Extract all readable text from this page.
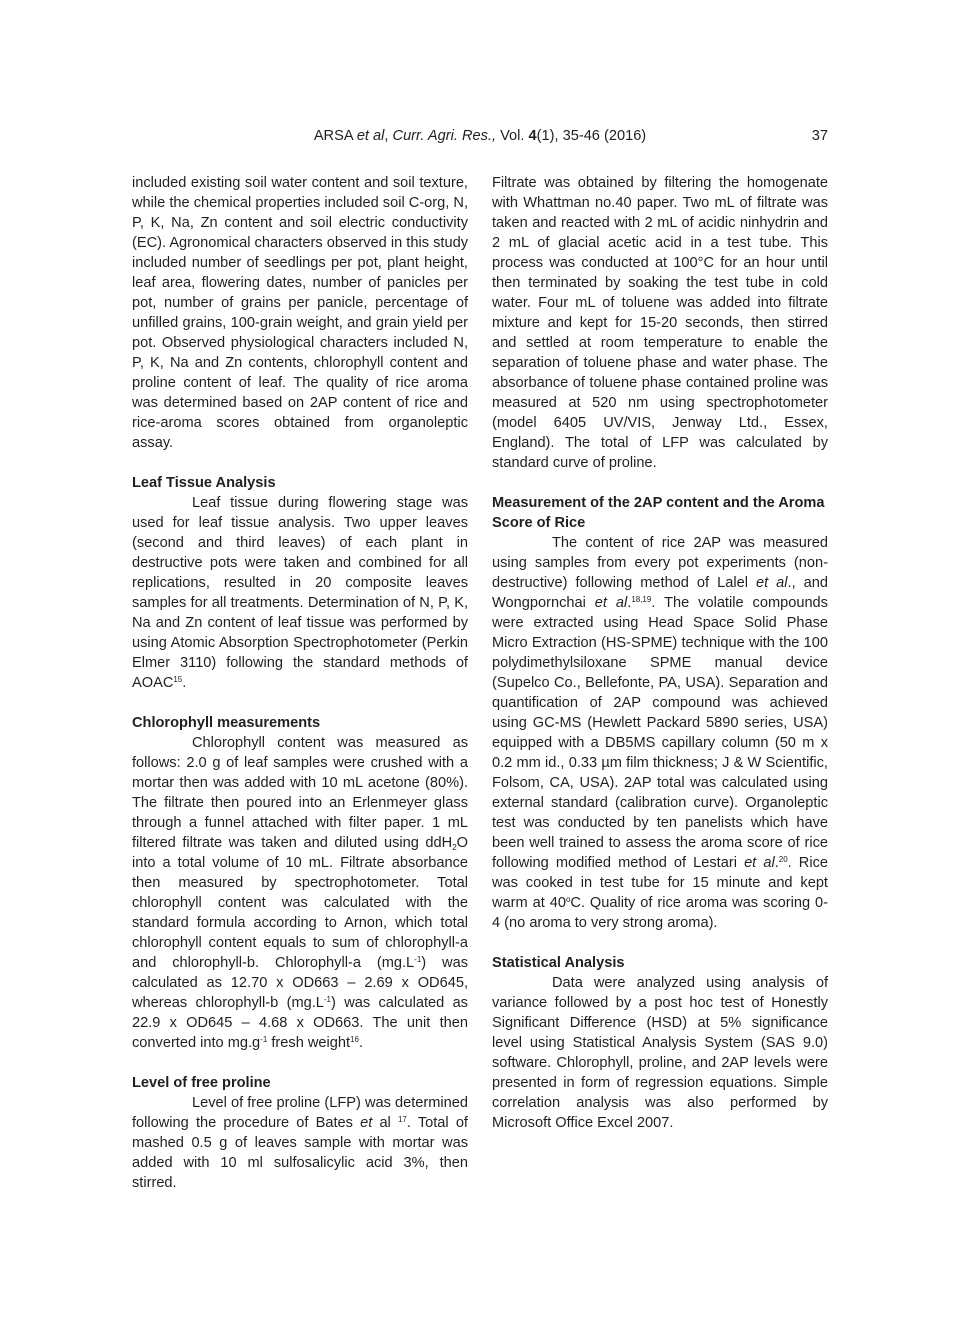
ARSA et al, Curr. Agri. Res., Vol. 4(1), 35-46 (2016)	37

included existing soil water content and soil texture, while the chemical properties included soil C-org, N, P, K, Na, Zn content and soil electric conductivity (EC). Agronomical characters observed in this study included number of seedlings per pot, plant height, leaf area, flowering dates, number of panicles per pot, number of grains per panicle, percentage of unfilled grains, 100-grain weight, and grain yield per pot. Observed physiological characters included N, P, K, Na and Zn contents, chlorophyll content and proline content of leaf. The quality of rice aroma was determined based on 2AP content of rice and rice-aroma scores obtained from organoleptic assay.

Leaf Tissue Analysis

Leaf tissue during flowering stage was used for leaf tissue analysis. Two upper leaves (second and third leaves) of each plant in destructive pots were taken and combined for all replications, resulted in 20 composite leaves samples for all treatments. Determination of N, P, K, Na and Zn content of leaf tissue was performed by using Atomic Absorption Spectrophotometer (Perkin Elmer 3110) following the standard methods of AOAC$^{15}$.

Chlorophyll measurements

Chlorophyll content was measured as follows: 2.0 g of leaf samples were crushed with a mortar then was added with 10 mL acetone (80%). The filtrate then poured into an Erlenmeyer glass through a funnel attached with filter paper. 1 mL filtered filtrate was taken and diluted using ddH$_2$O into a total volume of 10 mL. Filtrate absorbance then measured by spectrophotometer. Total chlorophyll content was calculated with the standard formula according to Arnon, which total chlorophyll content equals to sum of chlorophyll-a and chlorophyll-b. Chlorophyll-a $(mg.L^{-1})$ was calculated as 12.70 x OD663 – 2.69 x OD645, whereas chlorophyll-b $(mg.L^{-1})$ was calculated as 22.9 x OD645 – 4.68 x OD663. The unit then converted into $mg.g^{-1}$ fresh weight$^{16}$.

Level of free proline

Level of free proline (LFP) was determined following the procedure of Bates et al $^{17}$. Total of mashed 0.5 g of leaves sample with mortar was added with 10 ml sulfosalicylic acid 3%, then stirred.

Filtrate was obtained by filtering the homogenate with Whattman no.40 paper. Two mL of filtrate was taken and reacted with 2 mL of acidic ninhydrin and 2 mL of glacial acetic acid in a test tube. This process was conducted at 100°C for an hour until then terminated by soaking the test tube in cold water. Four mL of toluene was added into filtrate mixture and kept for 15-20 seconds, then stirred and settled at room temperature to enable the separation of toluene phase and water phase. The absorbance of toluene phase contained proline was measured at 520 nm using spectrophotometer (model 6405 UV/VIS, Jenway Ltd., Essex, England). The total of LFP was calculated by standard curve of proline.

Measurement of the 2AP content and the Aroma Score of Rice

The content of rice 2AP was measured using samples from every pot experiments (non-destructive) following method of Lalel et al., and Wongpornchai et al.$^{18,19}$. The volatile compounds were extracted using Head Space Solid Phase Micro Extraction (HS-SPME) technique with the 100 polydimethylsiloxane SPME manual device (Supelco Co., Bellefonte, PA, USA). Separation and quantification of 2AP compound was achieved using GC-MS (Hewlett Packard 5890 series, USA) equipped with a DB5MS capillary column (50 m x 0.2 mm id., 0.33 µm film thickness; J & W Scientific, Folsom, CA, USA). 2AP total was calculated using external standard (calibration curve). Organoleptic test was conducted by ten panelists which have been well trained to assess the aroma score of rice following modified method of Lestari et al.$^{20}$. Rice was cooked in test tube for 15 minute and kept warm at 40$^o$C. Quality of rice aroma was scoring 0-4 (no aroma to very strong aroma).

Statistical Analysis

Data were analyzed using analysis of variance followed by a post hoc test of Honestly Significant Difference (HSD) at 5% significance level using Statistical Analysis System (SAS 9.0) software. Chlorophyll, proline, and 2AP levels were presented in form of regression equations. Simple correlation analysis was also performed by Microsoft Office Excel 2007.
